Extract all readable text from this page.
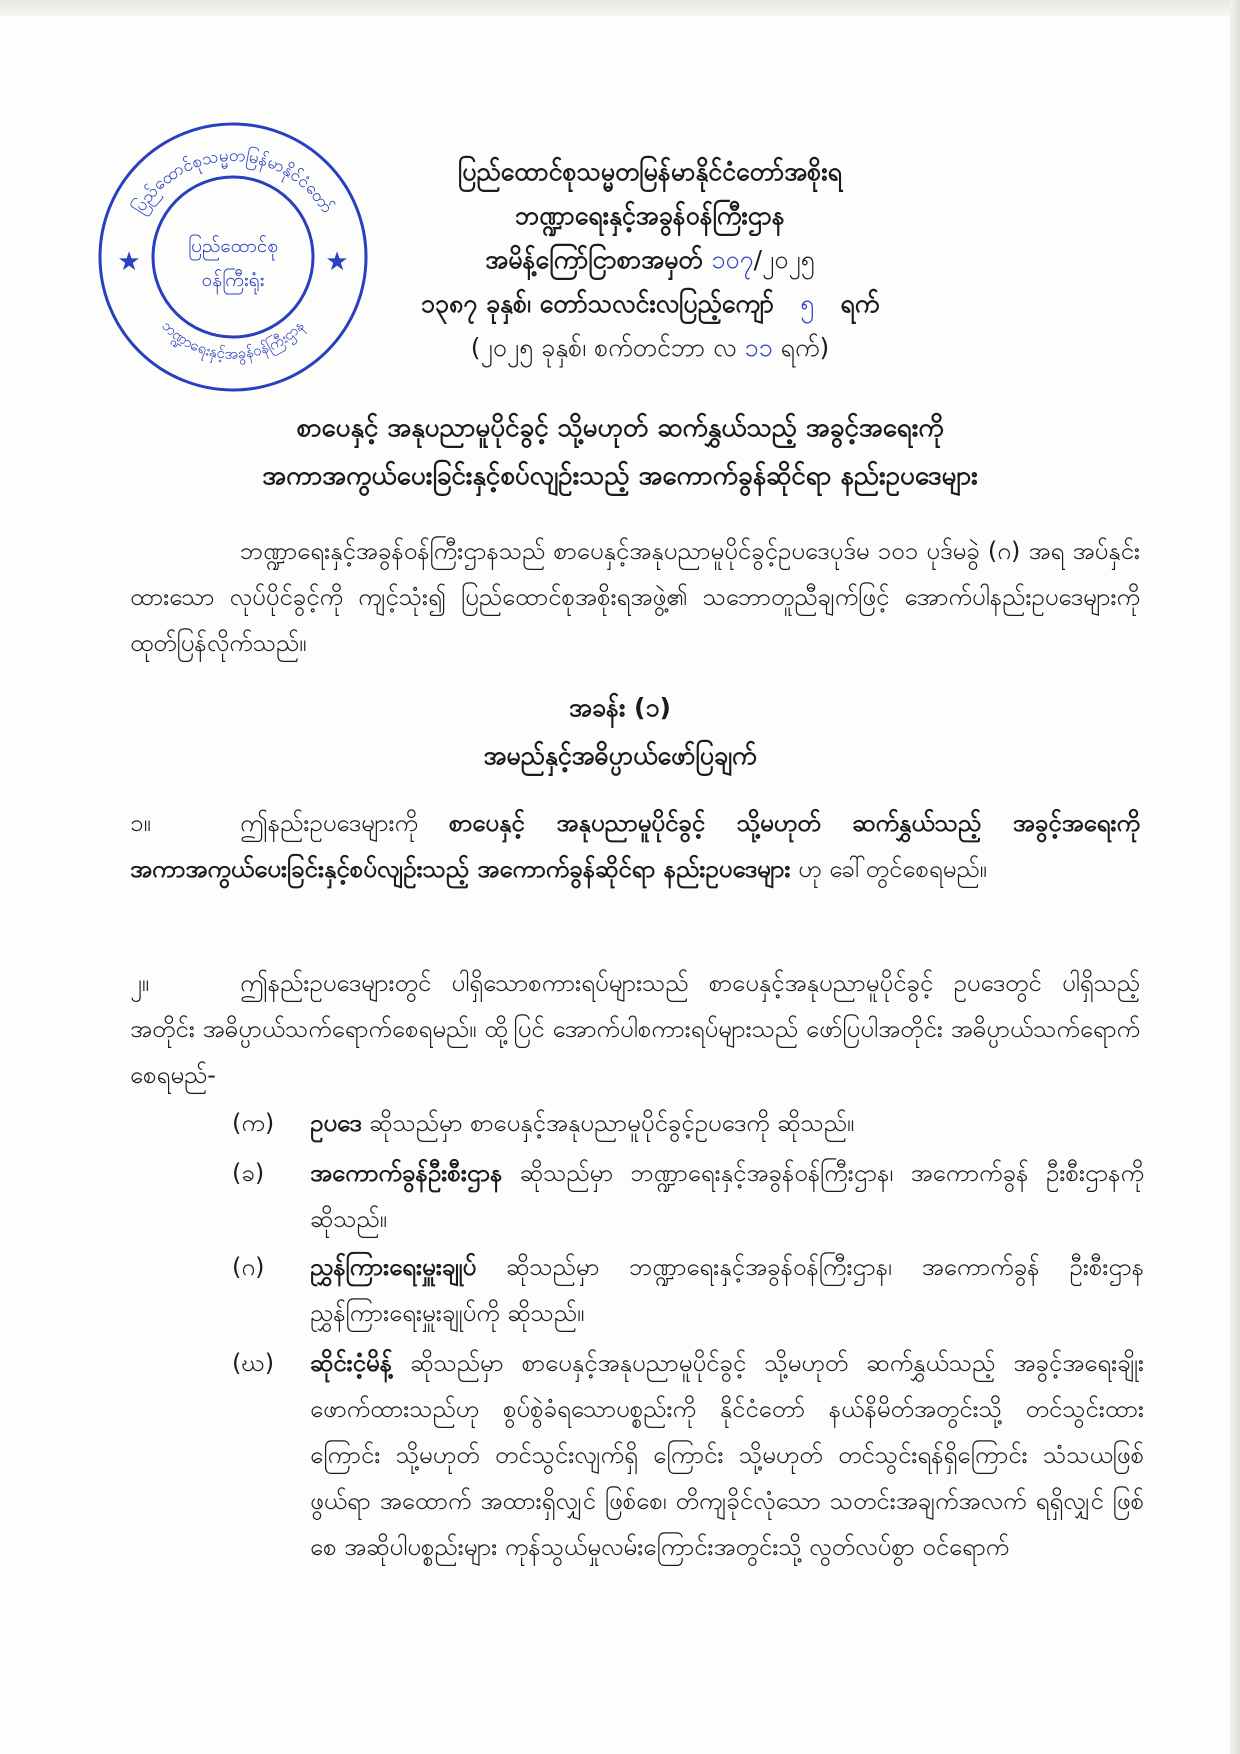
ပြည်ထောင်စုသမ္မတမြန်မာနိုင်ငံတော်
ဘဏ္ဍာရေးနှင့်အခွန်ဝန်ကြီးဌာန
ပြည်ထောင်စု
ဝန်ကြီးရုံး
★	★
ပြည်ထောင်စုသမ္မတမြန်မာနိုင်ငံတော်အစိုးရ
ဘဏ္ဍာရေးနှင့်အခွန်ဝန်ကြီးဌာန
အမိန့်ကြော်ငြာစာအမှတ် ၁၀၇/၂၀၂၅
၁၃၈၇ ခုနှစ်၊ တော်သလင်းလပြည့်ကျော် ၅ ရက်
(၂၀၂၅ ခုနှစ်၊ စက်တင်ဘာ လ ၁၁ ရက်)
စာပေနှင့် အနုပညာမူပိုင်ခွင့် သို့မဟုတ် ဆက်နွှယ်သည့် အခွင့်အရေးကို
အကာအကွယ်ပေးခြင်းနှင့်စပ်လျဉ်းသည့် အကောက်ခွန်ဆိုင်ရာ နည်းဥပဒေများ
ဘဏ္ဍာရေးနှင့်အခွန်ဝန်ကြီးဌာနသည် စာပေနှင့်အနုပညာမူပိုင်ခွင့်ဥပဒေပုဒ်မ ၁၀၁ ပုဒ်မခွဲ (ဂ) အရ အပ်နှင်းထားသော လုပ်ပိုင်ခွင့်ကို ကျင့်သုံး၍ ပြည်ထောင်စုအစိုးရအဖွဲ့၏ သဘောတူညီချက်ဖြင့် အောက်ပါနည်းဥပဒေများကို ထုတ်ပြန်လိုက်သည်။
အခန်း (၁)
အမည်နှင့်အဓိပ္ပာယ်ဖော်ပြချက်
၁။	ဤနည်းဥပဒေများကို စာပေနှင့် အနုပညာမူပိုင်ခွင့် သို့မဟုတ် ဆက်နွှယ်သည့် အခွင့်အရေးကို အကာအကွယ်ပေးခြင်းနှင့်စပ်လျဉ်းသည့် အကောက်ခွန်ဆိုင်ရာ နည်းဥပဒေများ ဟု ခေါ်တွင်စေရမည်။
၂။	ဤနည်းဥပဒေများတွင် ပါရှိသောစကားရပ်များသည် စာပေနှင့်အနုပညာမူပိုင်ခွင့် ဥပဒေတွင် ပါရှိသည့်အတိုင်း အဓိပ္ပာယ်သက်ရောက်စေရမည်။ ထို့ပြင် အောက်ပါစကားရပ်များသည် ဖော်ပြပါအတိုင်း အဓိပ္ပာယ်သက်ရောက်စေရမည်-
(က)	ဥပဒေ ဆိုသည်မှာ စာပေနှင့်အနုပညာမူပိုင်ခွင့်ဥပဒေကို ဆိုသည်။
(ခ)	အကောက်ခွန်ဦးစီးဌာန ဆိုသည်မှာ ဘဏ္ဍာရေးနှင့်အခွန်ဝန်ကြီးဌာန၊ အကောက်ခွန် ဦးစီးဌာနကို ဆိုသည်။
(ဂ)	ညွှန်ကြားရေးမှူးချုပ် ဆိုသည်မှာ ဘဏ္ဍာရေးနှင့်အခွန်ဝန်ကြီးဌာန၊ အကောက်ခွန် ဦးစီးဌာန ညွှန်ကြားရေးမှူးချုပ်ကို ဆိုသည်။
(ဃ)	ဆိုင်းငံ့မိန့် ဆိုသည်မှာ စာပေနှင့်အနုပညာမူပိုင်ခွင့် သို့မဟုတ် ဆက်နွှယ်သည့် အခွင့်အရေးချိုးဖောက်ထားသည်ဟု စွပ်စွဲခံရသောပစ္စည်းကို နိုင်ငံတော် နယ်နိမိတ်အတွင်းသို့ တင်သွင်းထားကြောင်း သို့မဟုတ် တင်သွင်းလျက်ရှိ ကြောင်း သို့မဟုတ် တင်သွင်းရန်ရှိကြောင်း သံသယဖြစ်ဖွယ်ရာ အထောက် အထားရှိလျှင် ဖြစ်စေ၊ တိကျခိုင်လုံသော သတင်းအချက်အလက် ရရှိလျှင် ဖြစ်စေ အဆိုပါပစ္စည်းများ ကုန်သွယ်မှုလမ်းကြောင်းအတွင်းသို့ လွတ်လပ်စွာ ဝင်ရောက်
